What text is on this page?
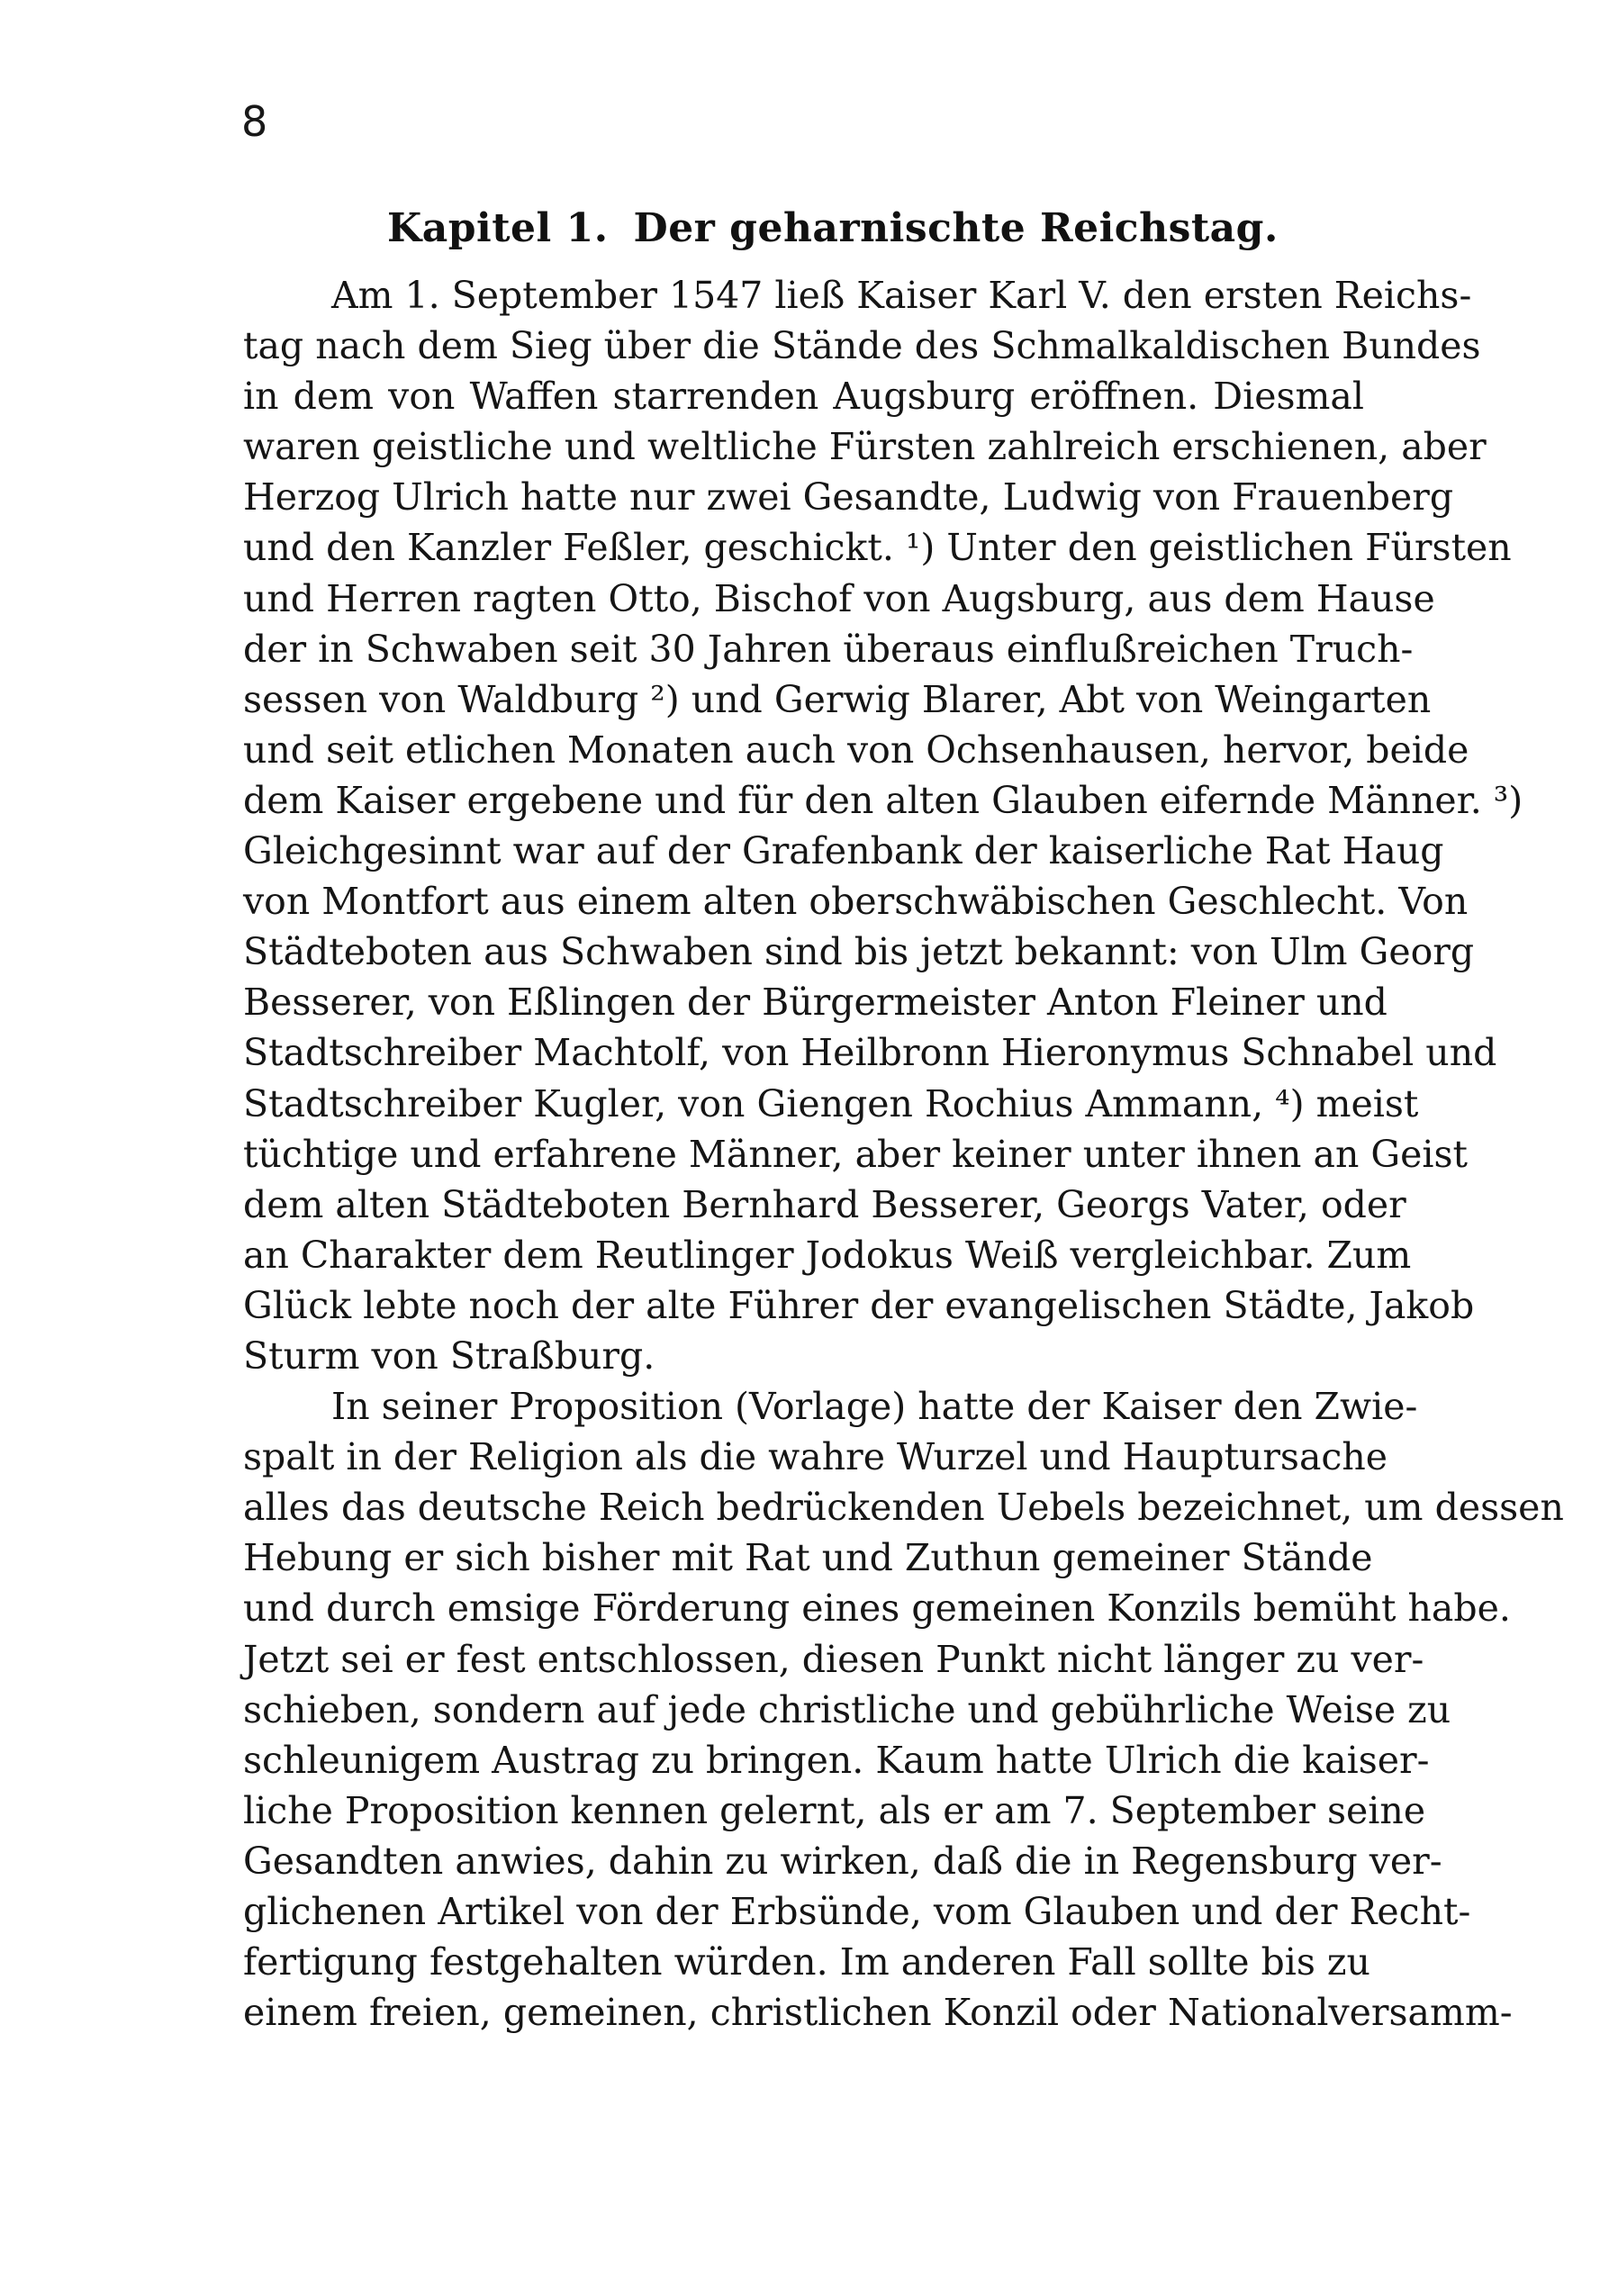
8
Kapitel 1. Der geharnischte Reichstag.
Am 1. September 1547 ließ Kaiser Karl V. den ersten Reichs-
tag nach dem Sieg über die Stände des Schmalkaldischen Bundes
in dem von Waffen starrenden Augsburg eröffnen. Diesmal
waren geistliche und weltliche Fürsten zahlreich erschienen, aber
Herzog Ulrich hatte nur zwei Gesandte, Ludwig von Frauenberg
und den Kanzler Feßler, geschickt. ¹) Unter den geistlichen Fürsten
und Herren ragten Otto, Bischof von Augsburg, aus dem Hause
der in Schwaben seit 30 Jahren überaus einflußreichen Truch-
sessen von Waldburg ²) und Gerwig Blarer, Abt von Weingarten
und seit etlichen Monaten auch von Ochsenhausen, hervor, beide
dem Kaiser ergebene und für den alten Glauben eifernde Männer. ³)
Gleichgesinnt war auf der Grafenbank der kaiserliche Rat Haug
von Montfort aus einem alten oberschwäbischen Geschlecht. Von
Städteboten aus Schwaben sind bis jetzt bekannt: von Ulm Georg
Besserer, von Eßlingen der Bürgermeister Anton Fleiner und
Stadtschreiber Machtolf, von Heilbronn Hieronymus Schnabel und
Stadtschreiber Kugler, von Giengen Rochius Ammann, ⁴) meist
tüchtige und erfahrene Männer, aber keiner unter ihnen an Geist
dem alten Städteboten Bernhard Besserer, Georgs Vater, oder
an Charakter dem Reutlinger Jodokus Weiß vergleichbar. Zum
Glück lebte noch der alte Führer der evangelischen Städte, Jakob
Sturm von Straßburg.
In seiner Proposition (Vorlage) hatte der Kaiser den Zwie-
spalt in der Religion als die wahre Wurzel und Hauptursache
alles das deutsche Reich bedrückenden Uebels bezeichnet, um dessen
Hebung er sich bisher mit Rat und Zuthun gemeiner Stände
und durch emsige Förderung eines gemeinen Konzils bemüht habe.
Jetzt sei er fest entschlossen, diesen Punkt nicht länger zu ver-
schieben, sondern auf jede christliche und gebührliche Weise zu
schleunigem Austrag zu bringen. Kaum hatte Ulrich die kaiser-
liche Proposition kennen gelernt, als er am 7. September seine
Gesandten anwies, dahin zu wirken, daß die in Regensburg ver-
glichenen Artikel von der Erbsünde, vom Glauben und der Recht-
fertigung festgehalten würden. Im anderen Fall sollte bis zu
einem freien, gemeinen, christlichen Konzil oder Nationalversamm-
